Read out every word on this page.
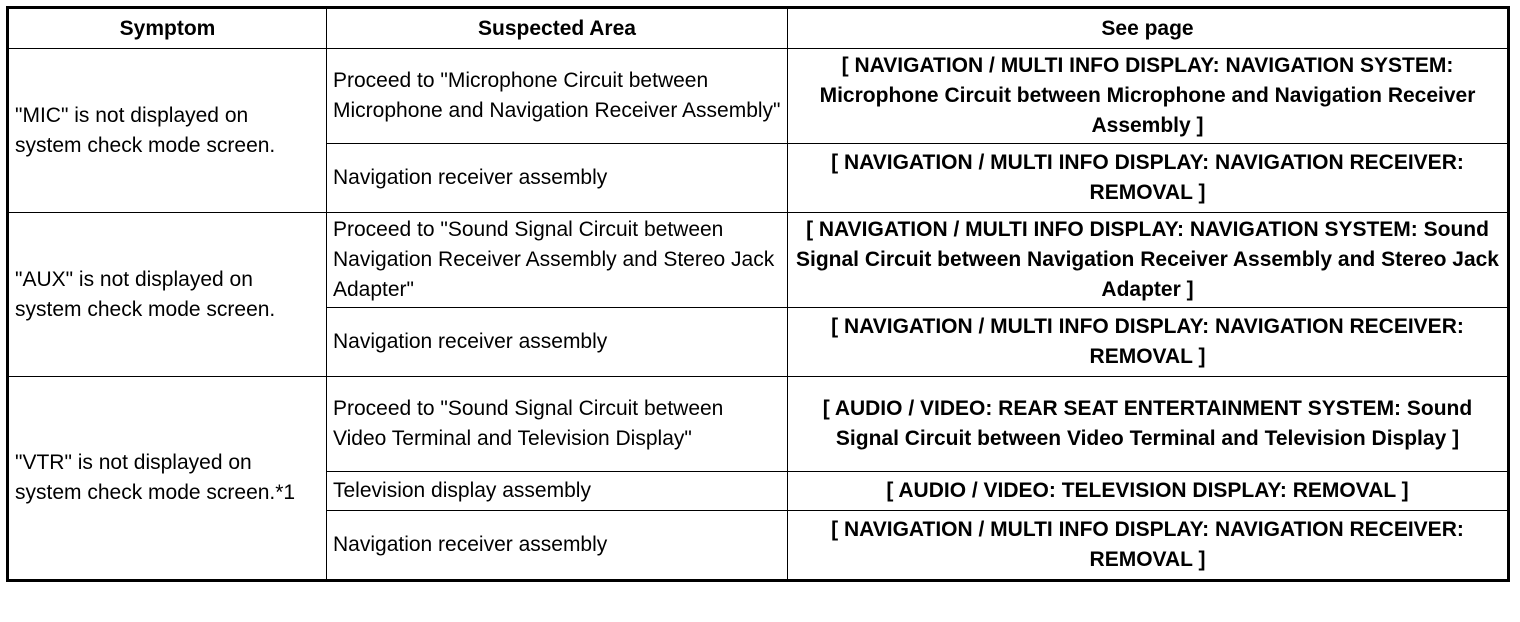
Symptom	Suspected Area	See page
"MIC" is not displayed on system check mode screen.	Proceed to "Microphone Circuit between Microphone and Navigation Receiver Assembly"	[ NAVIGATION / MULTI INFO DISPLAY: NAVIGATION SYSTEM: Microphone Circuit between Microphone and Navigation Receiver Assembly ]
	Navigation receiver assembly	[ NAVIGATION / MULTI INFO DISPLAY: NAVIGATION RECEIVER: REMOVAL ]
"AUX" is not displayed on system check mode screen.	Proceed to "Sound Signal Circuit between Navigation Receiver Assembly and Stereo Jack Adapter"	[ NAVIGATION / MULTI INFO DISPLAY: NAVIGATION SYSTEM: Sound Signal Circuit between Navigation Receiver Assembly and Stereo Jack Adapter ]
	Navigation receiver assembly	[ NAVIGATION / MULTI INFO DISPLAY: NAVIGATION RECEIVER: REMOVAL ]
"VTR" is not displayed on system check mode screen.*1	Proceed to "Sound Signal Circuit between Video Terminal and Television Display"	[ AUDIO / VIDEO: REAR SEAT ENTERTAINMENT SYSTEM: Sound Signal Circuit between Video Terminal and Television Display ]
	Television display assembly	[ AUDIO / VIDEO: TELEVISION DISPLAY: REMOVAL ]
	Navigation receiver assembly	[ NAVIGATION / MULTI INFO DISPLAY: NAVIGATION RECEIVER: REMOVAL ]
